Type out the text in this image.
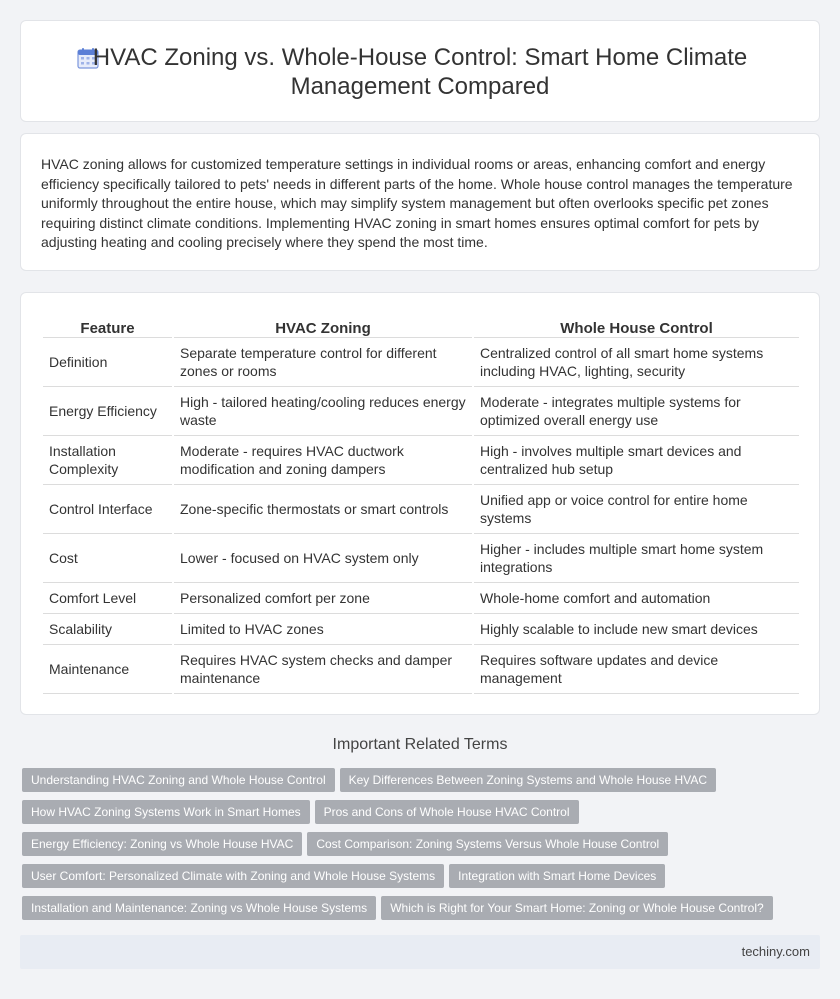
HVAC Zoning vs. Whole-House Control: Smart Home Climate Management Compared

HVAC zoning allows for customized temperature settings in individual rooms or areas, enhancing comfort and energy efficiency specifically tailored to pets' needs in different parts of the home. Whole house control manages the temperature uniformly throughout the entire house, which may simplify system management but often overlooks specific pet zones requiring distinct climate conditions. Implementing HVAC zoning in smart homes ensures optimal comfort for pets by adjusting heating and cooling precisely where they spend the most time.

Feature	HVAC Zoning	Whole House Control
Definition	Separate temperature control for different zones or rooms	Centralized control of all smart home systems including HVAC, lighting, security
Energy Efficiency	High - tailored heating/cooling reduces energy waste	Moderate - integrates multiple systems for optimized overall energy use
Installation Complexity	Moderate - requires HVAC ductwork modification and zoning dampers	High - involves multiple smart devices and centralized hub setup
Control Interface	Zone-specific thermostats or smart controls	Unified app or voice control for entire home systems
Cost	Lower - focused on HVAC system only	Higher - includes multiple smart home system integrations
Comfort Level	Personalized comfort per zone	Whole-home comfort and automation
Scalability	Limited to HVAC zones	Highly scalable to include new smart devices
Maintenance	Requires HVAC system checks and damper maintenance	Requires software updates and device management
Important Related Terms
Understanding HVAC Zoning and Whole House Control Key Differences Between Zoning Systems and Whole House HVAC
How HVAC Zoning Systems Work in Smart Homes Pros and Cons of Whole House HVAC Control
Energy Efficiency: Zoning vs Whole House HVAC Cost Comparison: Zoning Systems Versus Whole House Control
User Comfort: Personalized Climate with Zoning and Whole House Systems Integration with Smart Home Devices
Installation and Maintenance: Zoning vs Whole House Systems Which is Right for Your Smart Home: Zoning or Whole House Control?
techiny.com
